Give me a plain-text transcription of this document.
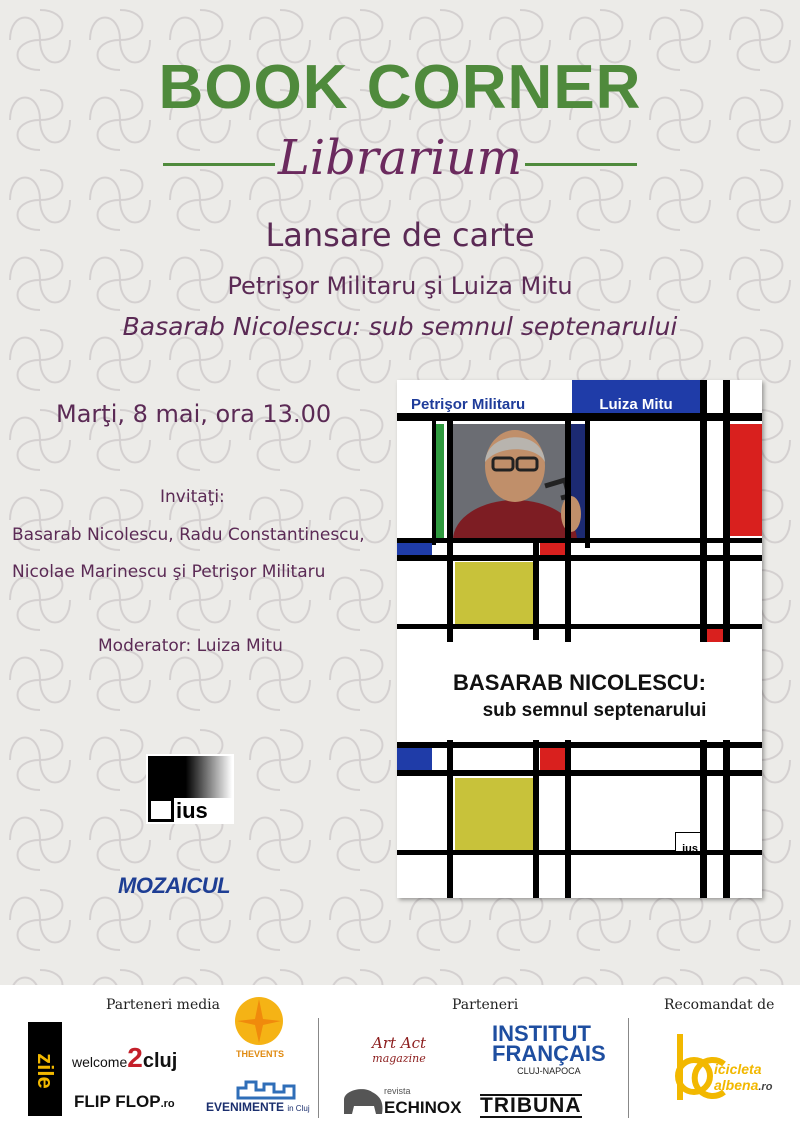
BOOK CORNER
Librarium
Lansare de carte
Petrişor Militaru şi Luiza Mitu
Basarab Nicolescu: sub semnul septenarului
Marţi, 8 mai, ora 13.00
Invitaţi:
Basarab Nicolescu, Radu Constantinescu,
Nicolae Marinescu şi Petrişor Militaru
Moderator: Luiza Mitu
Petrişor Militaru	Luiza Mitu
BASARAB NICOLESCU:
sub semnul septenarului
ius
ius
MOZAICUL
Parteneri media	Parteneri	Recomandat de
zile welcome2cluj
FLIP FLOP.ro
THEVENTS
EVENIMENTE in Cluj
Art Act
magazine
INSTITUT
FRANÇAIS
CLUJ-NAPOCA
revista
ECHINOX TRIBUNA
icicleta
albena.ro
